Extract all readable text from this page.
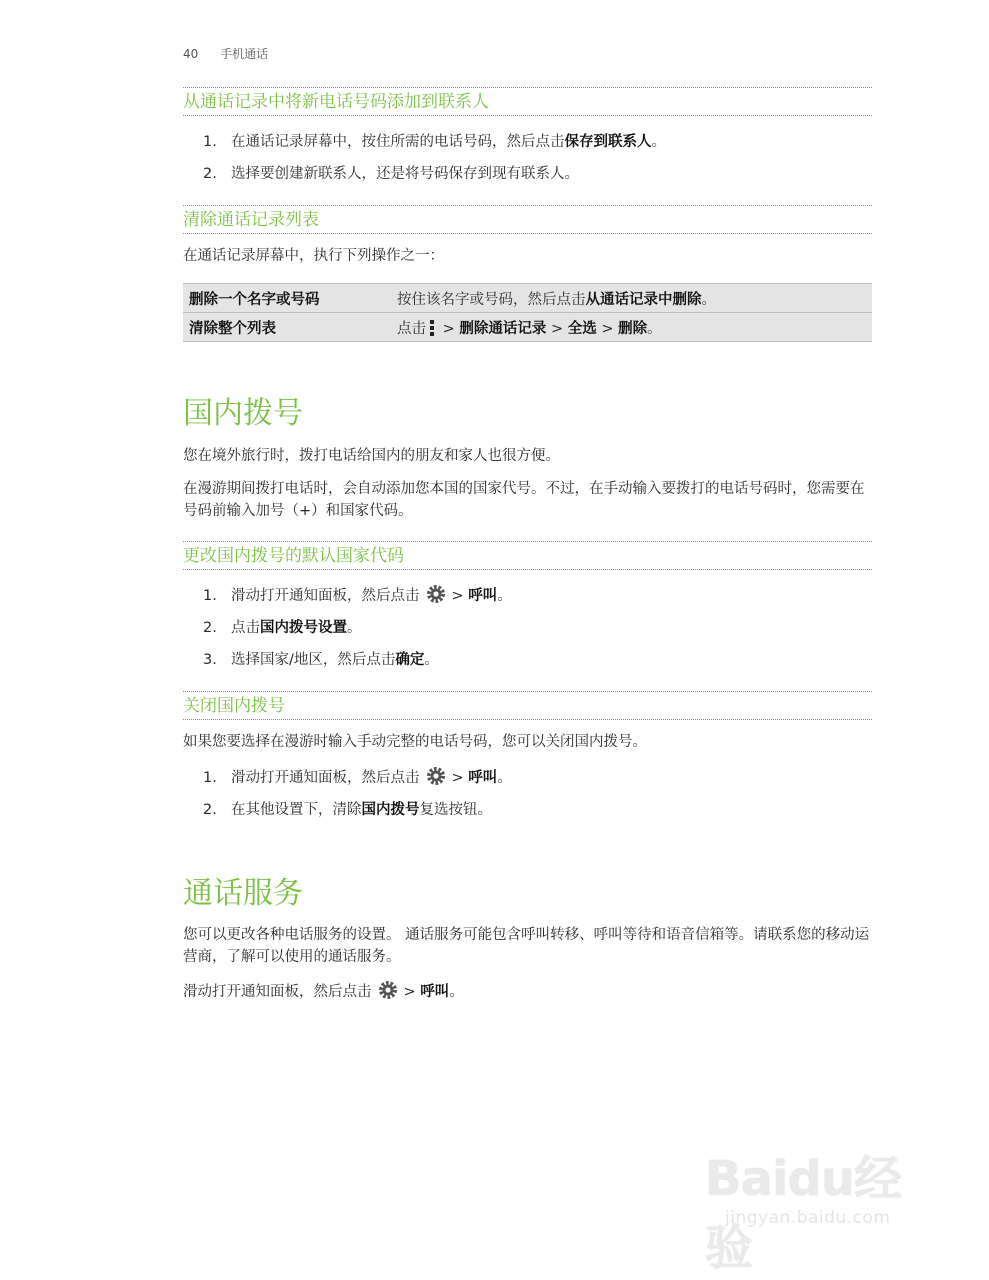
40 手机通话
从通话记录中将新电话号码添加到联系人
1. 在通话记录屏幕中，按住所需的电话号码，然后点击保存到联系人。
2. 选择要创建新联系人，还是将号码保存到现有联系人。
清除通话记录列表
在通话记录屏幕中，执行下列操作之一：
删除一个名字或号码	按住该名字或号码，然后点击从通话记录中删除。
清除整个列表	点击 > 删除通话记录 > 全选 > 删除。
国内拨号
您在境外旅行时，拨打电话给国内的朋友和家人也很方便。
在漫游期间拨打电话时，会自动添加您本国的国家代号。不过，在手动输入要拨打的电话号码时，您需要在号码前输入加号（+）和国家代码。
更改国内拨号的默认国家代码
1. 滑动打开通知面板，然后点击 > 呼叫。
2. 点击国内拨号设置。
3. 选择国家/地区，然后点击确定。
关闭国内拨号
如果您要选择在漫游时输入手动完整的电话号码，您可以关闭国内拨号。
1. 滑动打开通知面板，然后点击 > 呼叫。
2. 在其他设置下，清除国内拨号复选按钮。
通话服务
您可以更改各种电话服务的设置。 通话服务可能包含呼叫转移、呼叫等待和语音信箱等。请联系您的移动运营商，了解可以使用的通话服务。
滑动打开通知面板，然后点击 > 呼叫。
Baidu经验
jingyan.baidu.com
